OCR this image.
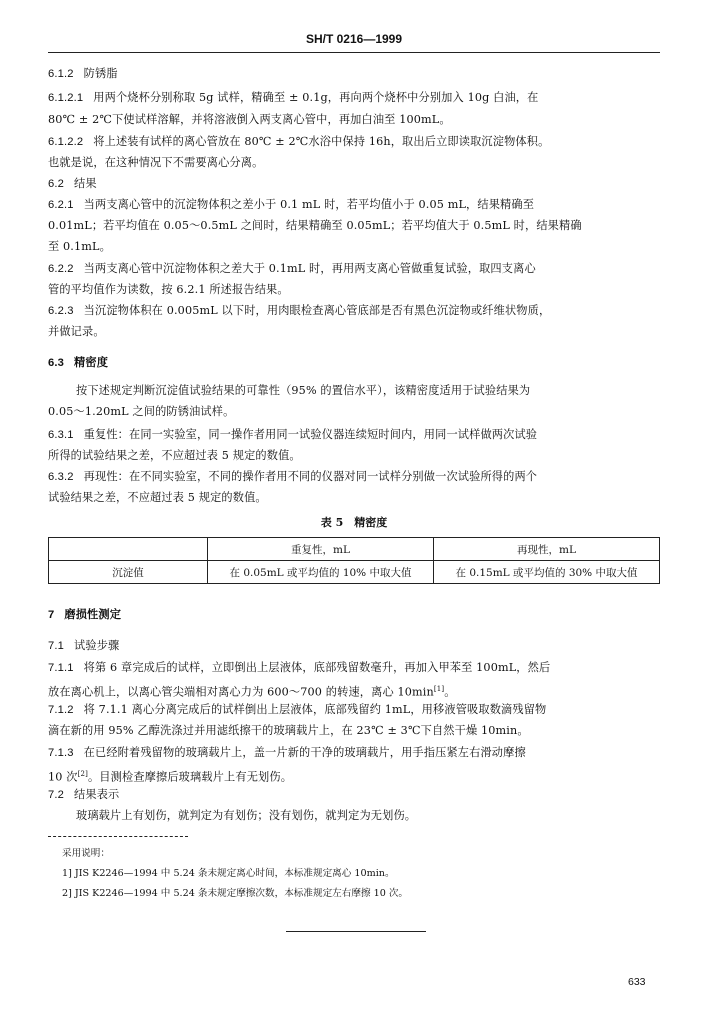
SH/T 0216—1999
6.1.2 防锈脂
6.1.2.1 用两个烧杯分别称取 5g 试样，精确至 ± 0.1g，再向两个烧杯中分别加入 10g 白油，在
80℃ ± 2℃下使试样溶解，并将溶液倒入两支离心管中，再加白油至 100mL。
6.1.2.2 将上述装有试样的离心管放在 80℃ ± 2℃水浴中保持 16h，取出后立即读取沉淀物体积。
也就是说，在这种情况下不需要离心分离。
6.2 结果
6.2.1 当两支离心管中的沉淀物体积之差小于 0.1 mL 时，若平均值小于 0.05 mL，结果精确至
0.01mL；若平均值在 0.05～0.5mL 之间时，结果精确至 0.05mL；若平均值大于 0.5mL 时，结果精确
至 0.1mL。
6.2.2 当两支离心管中沉淀物体积之差大于 0.1mL 时，再用两支离心管做重复试验，取四支离心
管的平均值作为读数，按 6.2.1 所述报告结果。
6.2.3 当沉淀物体积在 0.005mL 以下时，用肉眼检查离心管底部是否有黑色沉淀物或纤维状物质，
并做记录。
6.3 精密度
按下述规定判断沉淀值试验结果的可靠性（95% 的置信水平），该精密度适用于试验结果为
0.05～1.20mL 之间的防锈油试样。
6.3.1 重复性：在同一实验室，同一操作者用同一试验仪器连续短时间内，用同一试样做两次试验
所得的试验结果之差，不应超过表 5 规定的数值。
6.3.2 再现性：在不同实验室，不同的操作者用不同的仪器对同一试样分别做一次试验所得的两个
试验结果之差，不应超过表 5 规定的数值。
表 5　精密度
	重复性，mL	再现性，mL
沉淀值	在 0.05mL 或平均值的 10% 中取大值	在 0.15mL 或平均值的 30% 中取大值
7 磨损性测定
7.1 试验步骤
7.1.1 将第 6 章完成后的试样，立即倒出上层液体，底部残留数毫升，再加入甲苯至 100mL，然后
放在离心机上，以离心管尖端相对离心力为 600～700 的转速，离心 10min[1]。
7.1.2 将 7.1.1 离心分离完成后的试样倒出上层液体，底部残留约 1mL，用移液管吸取数滴残留物
滴在新的用 95% 乙醇洗涤过并用滤纸擦干的玻璃载片上，在 23℃ ± 3℃下自然干燥 10min。
7.1.3 在已经附着残留物的玻璃载片上，盖一片新的干净的玻璃载片，用手指压紧左右滑动摩擦
10 次[2]。目测检查摩擦后玻璃载片上有无划伤。
7.2 结果表示
玻璃载片上有划伤，就判定为有划伤；没有划伤，就判定为无划伤。
采用说明：
1] JIS K2246—1994 中 5.24 条未规定离心时间，本标准规定离心 10min。
2] JIS K2246—1994 中 5.24 条未规定摩擦次数，本标准规定左右摩擦 10 次。
633
